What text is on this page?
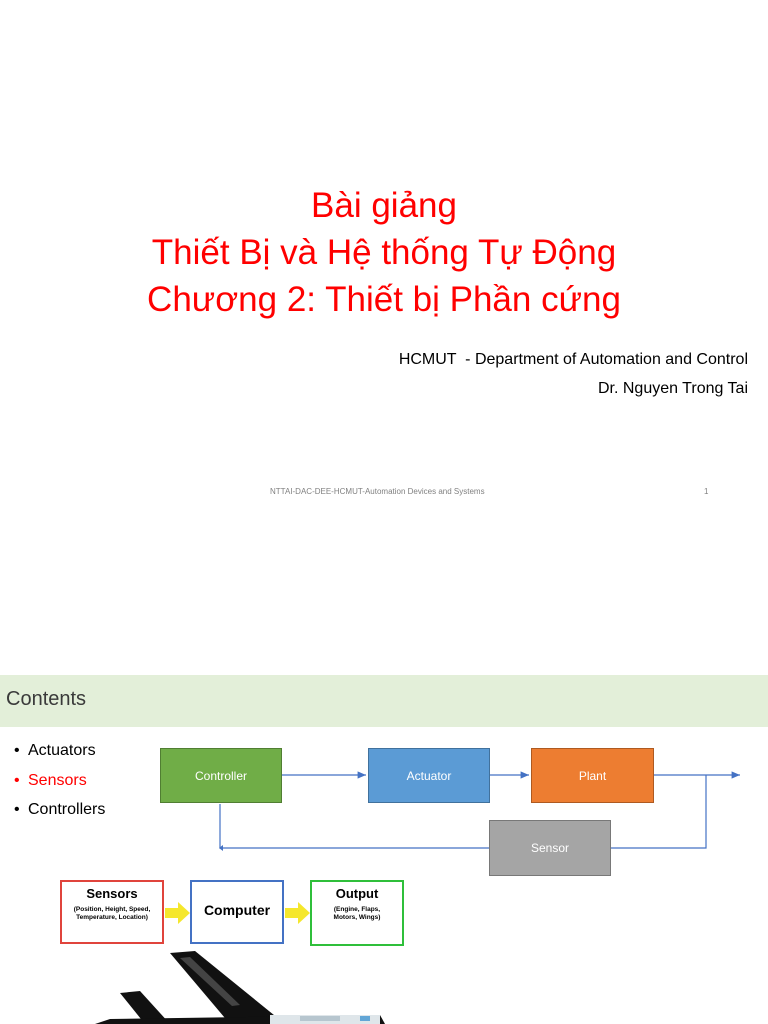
Bài giảng
Thiết Bị và Hệ thống Tự Động
Chương 2: Thiết bị Phần cứng
HCMUT  - Department of Automation and Control
Dr. Nguyen Trong Tai
NTTAI-DAC-DEE-HCMUT-Automation Devices and Systems	1
Contents
• Actuators
• Sensors
• Controllers
Controller	Actuator	Plant
Sensor
Sensors
(Position, Height, Speed,
Temperature, Location)	Computer
Output
(Engine, Flaps,
Motors, Wings)
